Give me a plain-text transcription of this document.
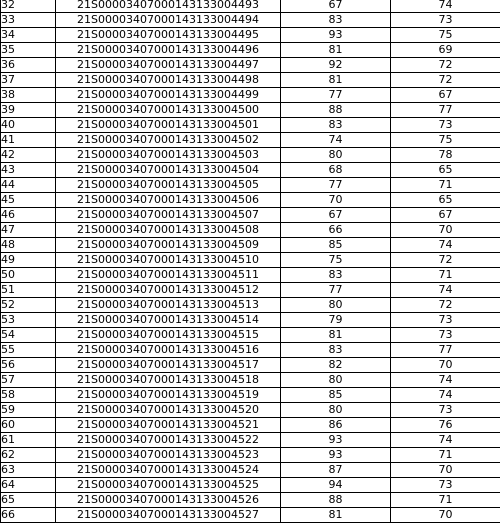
32	21S00003407000143133004493	67	74
33	21S00003407000143133004494	83	73
34	21S00003407000143133004495	93	75
35	21S00003407000143133004496	81	69
36	21S00003407000143133004497	92	72
37	21S00003407000143133004498	81	72
38	21S00003407000143133004499	77	67
39	21S00003407000143133004500	88	77
40	21S00003407000143133004501	83	73
41	21S00003407000143133004502	74	75
42	21S00003407000143133004503	80	78
43	21S00003407000143133004504	68	65
44	21S00003407000143133004505	77	71
45	21S00003407000143133004506	70	65
46	21S00003407000143133004507	67	67
47	21S00003407000143133004508	66	70
48	21S00003407000143133004509	85	74
49	21S00003407000143133004510	75	72
50	21S00003407000143133004511	83	71
51	21S00003407000143133004512	77	74
52	21S00003407000143133004513	80	72
53	21S00003407000143133004514	79	73
54	21S00003407000143133004515	81	73
55	21S00003407000143133004516	83	77
56	21S00003407000143133004517	82	70
57	21S00003407000143133004518	80	74
58	21S00003407000143133004519	85	74
59	21S00003407000143133004520	80	73
60	21S00003407000143133004521	86	76
61	21S00003407000143133004522	93	74
62	21S00003407000143133004523	93	71
63	21S00003407000143133004524	87	70
64	21S00003407000143133004525	94	73
65	21S00003407000143133004526	88	71
66	21S00003407000143133004527	81	70
